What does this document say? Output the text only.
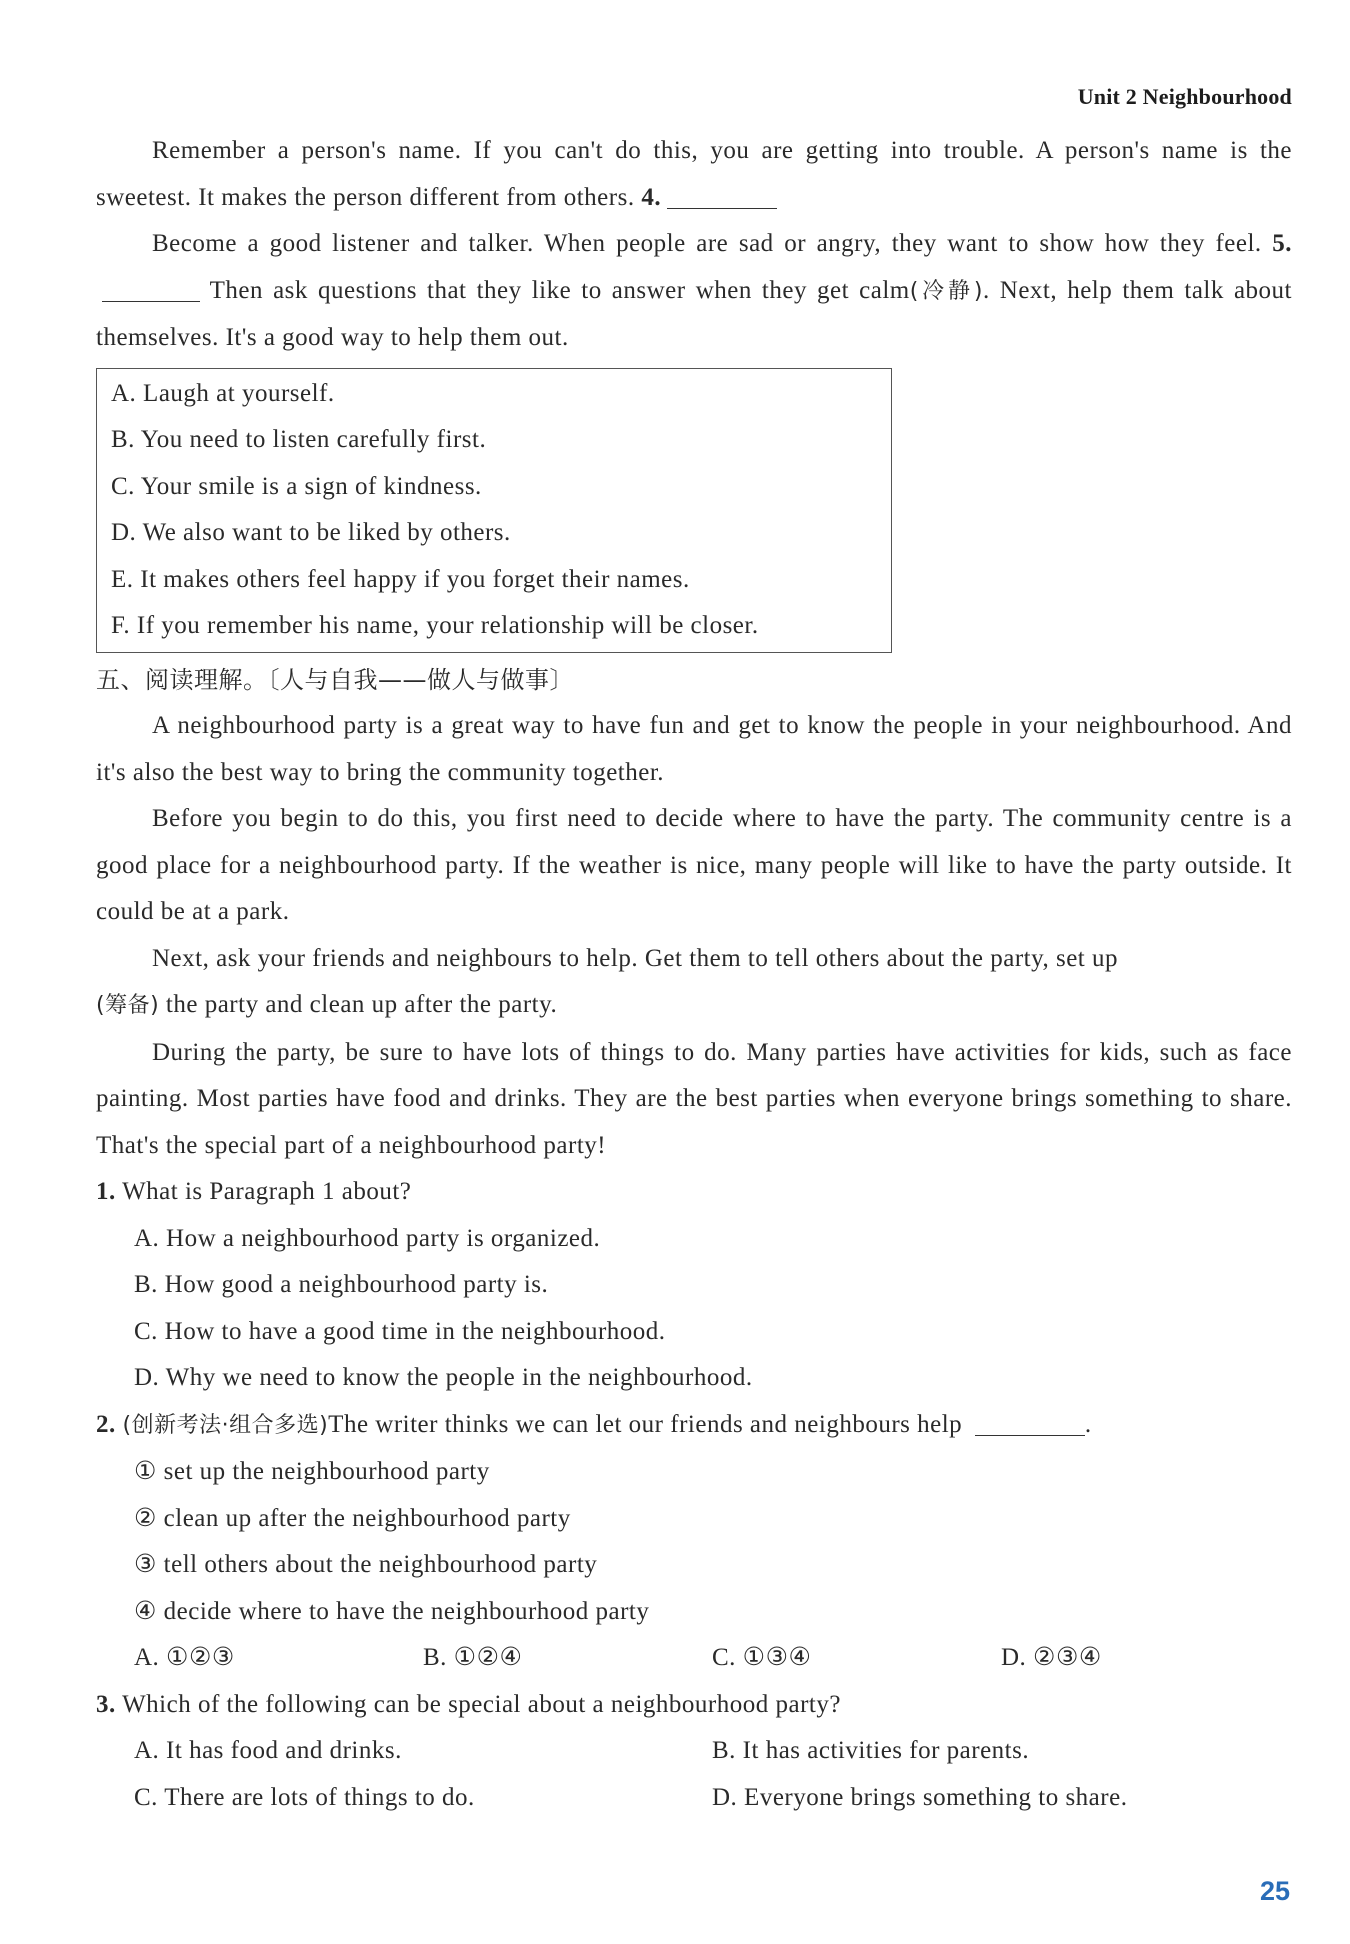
Unit 2 Neighbourhood

Remember a person's name. If you can't do this, you are getting into trouble. A person's name is the sweetest. It makes the person different from others. 4.

Become a good listener and talker. When people are sad or angry, they want to show how they feel. 5. Then ask questions that they like to answer when they get calm(冷静). Next, help them talk about themselves. It's a good way to help them out.

A. Laugh at yourself.

B. You need to listen carefully first.

C. Your smile is a sign of kindness.

D. We also want to be liked by others.

E. It makes others feel happy if you forget their names.

F. If you remember his name, your relationship will be closer.

五、阅读理解。〔人与自我——做人与做事〕

A neighbourhood party is a great way to have fun and get to know the people in your neighbourhood. And it's also the best way to bring the community together.

Before you begin to do this, you first need to decide where to have the party. The community centre is a good place for a neighbourhood party. If the weather is nice, many people will like to have the party outside. It could be at a park.

Next, ask your friends and neighbours to help. Get them to tell others about the party, set up
(筹备) the party and clean up after the party.

During the party, be sure to have lots of things to do. Many parties have activities for kids, such as face painting. Most parties have food and drinks. They are the best parties when everyone brings something to share. That's the special part of a neighbourhood party!

1. What is Paragraph 1 about?

A. How a neighbourhood party is organized.

B. How good a neighbourhood party is.

C. How to have a good time in the neighbourhood.

D. Why we need to know the people in the neighbourhood.

2. (创新考法·组合多选)The writer thinks we can let our friends and neighbours help	.

① set up the neighbourhood party

② clean up after the neighbourhood party

③ tell others about the neighbourhood party

④ decide where to have the neighbourhood party

A. ①②③	B. ①②④	C. ①③④	D. ②③④

3. Which of the following can be special about a neighbourhood party?

A. It has food and drinks.	B. It has activities for parents.
C. There are lots of things to do.	D. Everyone brings something to share.
25
